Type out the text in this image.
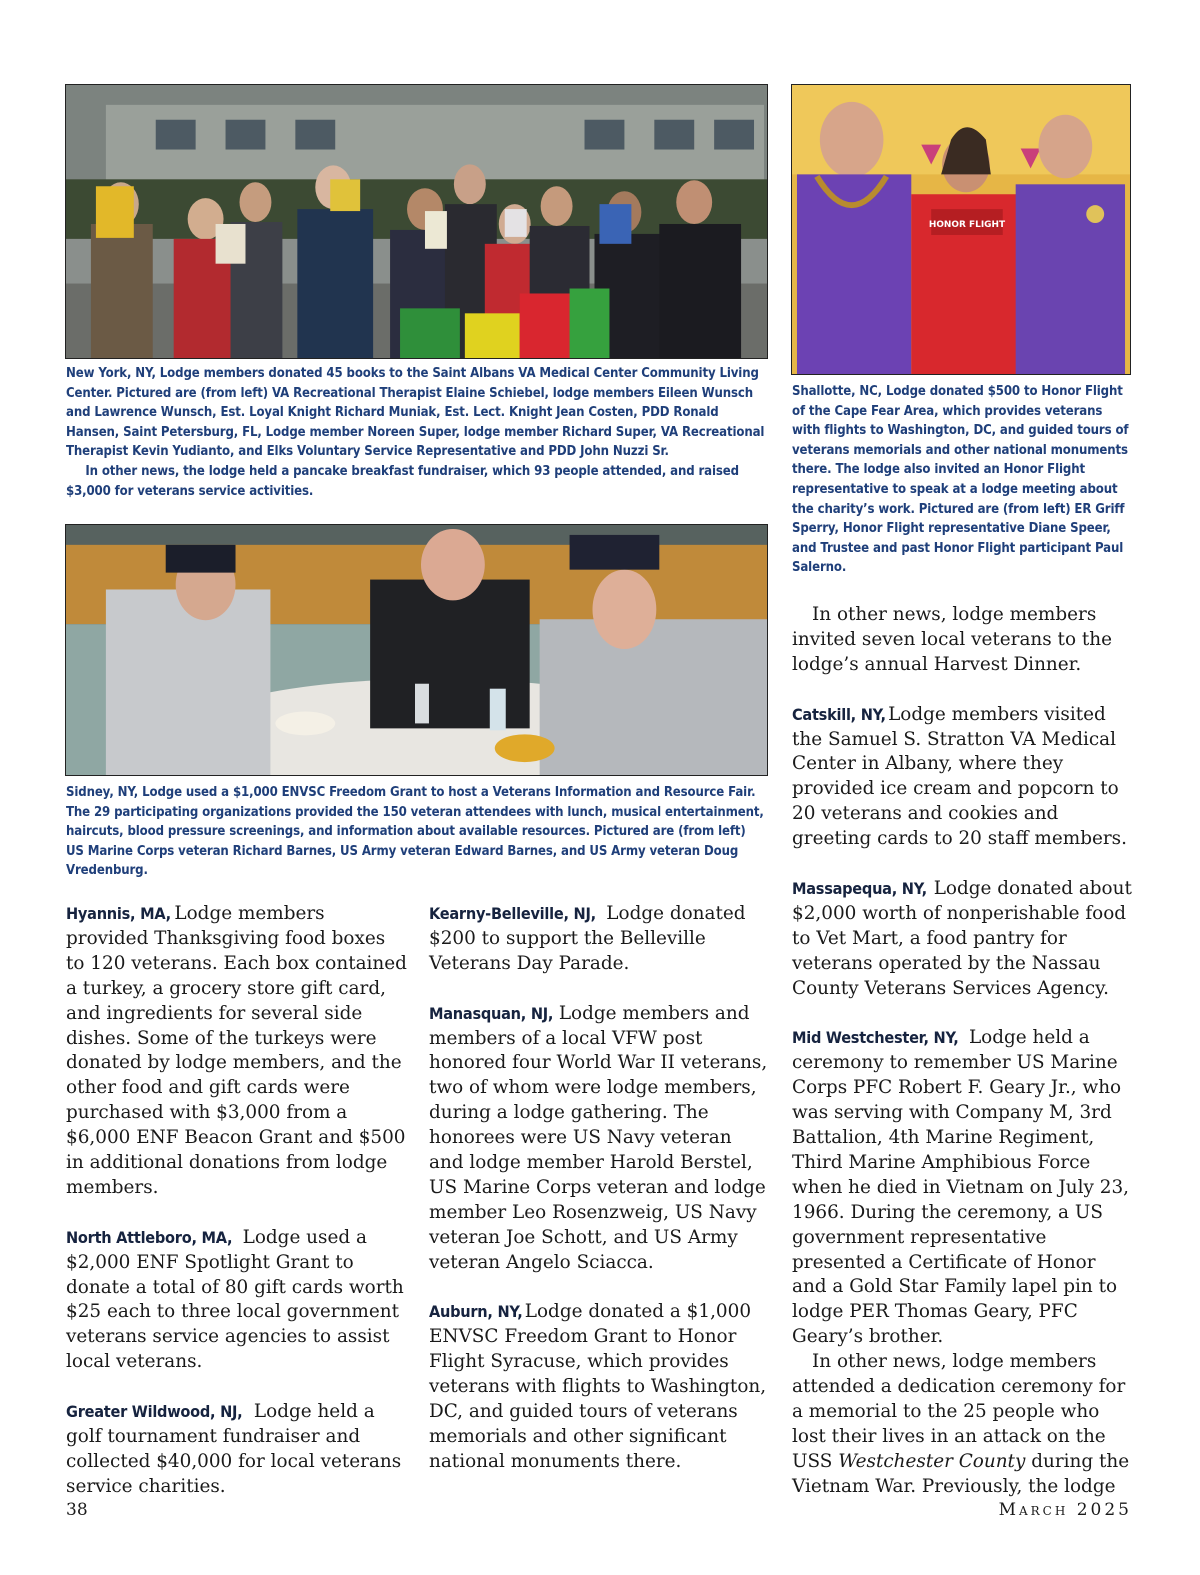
New York, NY, Lodge members donated 45 books to the Saint Albans VA Medical Center Community Living Center. Pictured are (from left) VA Recreational Therapist Elaine Schiebel, lodge members Eileen Wunsch and Lawrence Wunsch, Est. Loyal Knight Richard Muniak, Est. Lect. Knight Jean Costen, PDD Ronald Hansen, Saint Petersburg, FL, Lodge member Noreen Super, lodge member Richard Super, VA Recreational Therapist Kevin Yudianto, and Elks Voluntary Service Representative and PDD John Nuzzi Sr.

In other news, the lodge held a pancake breakfast fundraiser, which 93 people attended, and raised $3,000 for veterans service activities.

HONOR FLIGHT

Shallotte, NC, Lodge donated $500 to Honor Flight of the Cape Fear Area, which provides veterans with flights to Washington, DC, and guided tours of veterans memorials and other national monuments there. The lodge also invited an Honor Flight representative to speak at a lodge meeting about the charity’s work. Pictured are (from left) ER Griff Sperry, Honor Flight representative Diane Speer, and Trustee and past Honor Flight participant Paul Salerno.

Sidney, NY, Lodge used a $1,000 ENVSC Freedom Grant to host a Veterans Information and Resource Fair. The 29 participating organizations provided the 150 veteran attendees with lunch, musical entertainment, haircuts, blood pressure screenings, and information about available resources. Pictured are (from left) US Marine Corps veteran Richard Barnes, US Army veteran Edward Barnes, and US Army veteran Doug Vredenburg.

Hyannis, MA, Lodge members provided Thanksgiving food boxes to 120 veterans. Each box contained a turkey, a grocery store gift card, and ingredients for several side dishes. Some of the turkeys were donated by lodge members, and the other food and gift cards were purchased with $3,000 from a $6,000 ENF Beacon Grant and $500 in additional donations from lodge members.

North Attleboro, MA, Lodge used a $2,000 ENF Spotlight Grant to donate a total of 80 gift cards worth $25 each to three local government veterans service agencies to assist local veterans.

Greater Wildwood, NJ, Lodge held a golf tournament fundraiser and collected $40,000 for local veterans service charities.

Kearny-Belleville, NJ, Lodge donated $200 to support the Belleville Veterans Day Parade.

Manasquan, NJ, Lodge members and members of a local VFW post honored four World War II veterans, two of whom were lodge members, during a lodge gathering. The honorees were US Navy veteran and lodge member Harold Berstel, US Marine Corps veteran and lodge member Leo Rosenzweig, US Navy veteran Joe Schott, and US Army veteran Angelo Sciacca.

Auburn, NY, Lodge donated a $1,000 ENVSC Freedom Grant to Honor Flight Syracuse, which provides veterans with flights to Washington, DC, and guided tours of veterans memorials and other significant national monuments there.

In other news, lodge members invited seven local veterans to the lodge’s annual Harvest Dinner.

Catskill, NY, Lodge members visited the Samuel S. Stratton VA Medical Center in Albany, where they provided ice cream and popcorn to 20 veterans and cookies and greeting cards to 20 staff members.

Massapequa, NY, Lodge donated about $2,000 worth of nonperishable food to Vet Mart, a food pantry for veterans operated by the Nassau County Veterans Services Agency.

Mid Westchester, NY, Lodge held a ceremony to remember US Marine Corps PFC Robert F. Geary Jr., who was serving with Company M, 3rd Battalion, 4th Marine Regiment, Third Marine Amphibious Force when he died in Vietnam on July 23, 1966. During the ceremony, a US government representative presented a Certificate of Honor and a Gold Star Family lapel pin to lodge PER Thomas Geary, PFC Geary’s brother.

In other news, lodge members attended a dedication ceremony for a memorial to the 25 people who lost their lives in an attack on the USS Westchester County during the Vietnam War. Previously, the lodge

38	March 2025
